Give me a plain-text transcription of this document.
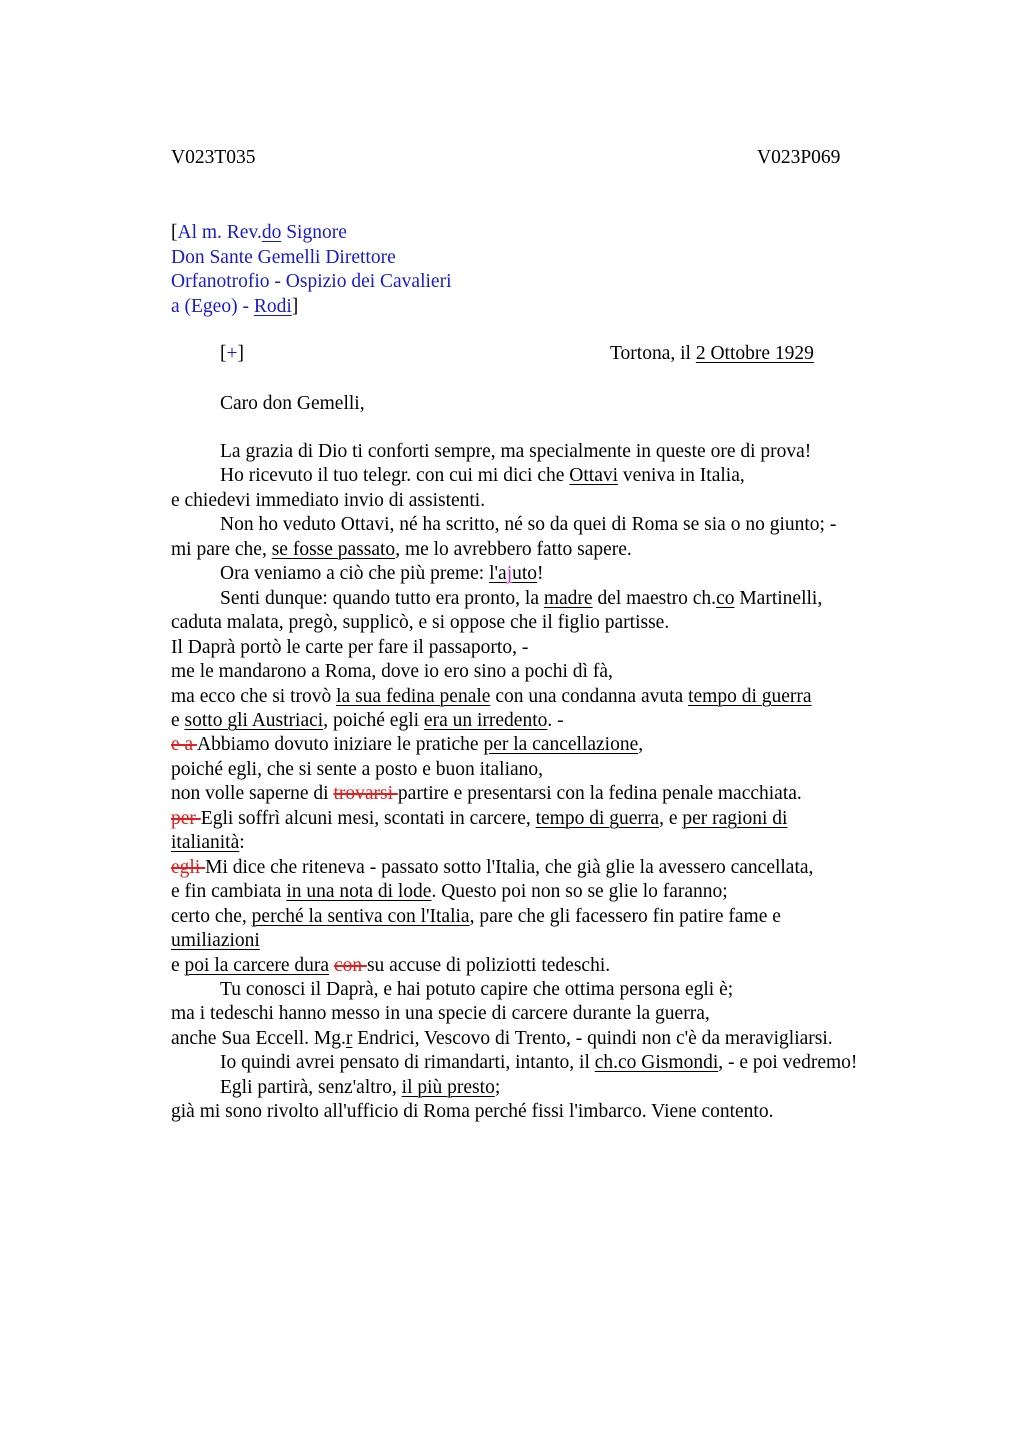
V023T035	V023P069
[Al m. Rev.do Signore
Don Sante Gemelli Direttore
Orfanotrofio - Ospizio dei Cavalieri
a (Egeo) - Rodi]
[+]	Tortona, il 2 Ottobre 1929
Caro don Gemelli,
La grazia di Dio ti conforti sempre, ma specialmente in queste ore di prova!
Ho ricevuto il tuo telegr. con cui mi dici che Ottavi veniva in Italia,
e chiedevi immediato invio di assistenti.
Non ho veduto Ottavi, né ha scritto, né so da quei di Roma se sia o no giunto; -
mi pare che, se fosse passato, me lo avrebbero fatto sapere.
Ora veniamo a ciò che più preme: l'ajuto!
Senti dunque: quando tutto era pronto, la madre del maestro ch.co Martinelli,
caduta malata, pregò, supplicò, e si oppose che il figlio partisse.
Il Daprà portò le carte per fare il passaporto, -
me le mandarono a Roma, dove io ero sino a pochi dì fà,
ma ecco che si trovò la sua fedina penale con una condanna avuta tempo di guerra
e sotto gli Austriaci, poiché egli era un irredento. -
e a Abbiamo dovuto iniziare le pratiche per la cancellazione,
poiché egli, che si sente a posto e buon italiano,
non volle saperne di trovarsi partire e presentarsi con la fedina penale macchiata.
per Egli soffrì alcuni mesi, scontati in carcere, tempo di guerra, e per ragioni di
italianità:
egli Mi dice che riteneva - passato sotto l'Italia, che già glie la avessero cancellata,
e fin cambiata in una nota di lode. Questo poi non so se glie lo faranno;
certo che, perché la sentiva con l'Italia, pare che gli facessero fin patire fame e
umiliazioni
e poi la carcere dura con su accuse di poliziotti tedeschi.
Tu conosci il Daprà, e hai potuto capire che ottima persona egli è;
ma i tedeschi hanno messo in una specie di carcere durante la guerra,
anche Sua Eccell. Mg.r Endrici, Vescovo di Trento, - quindi non c'è da meravigliarsi.
Io quindi avrei pensato di rimandarti, intanto, il ch.co Gismondi, - e poi vedremo!
Egli partirà, senz'altro, il più presto;
già mi sono rivolto all'ufficio di Roma perché fissi l'imbarco. Viene contento.
